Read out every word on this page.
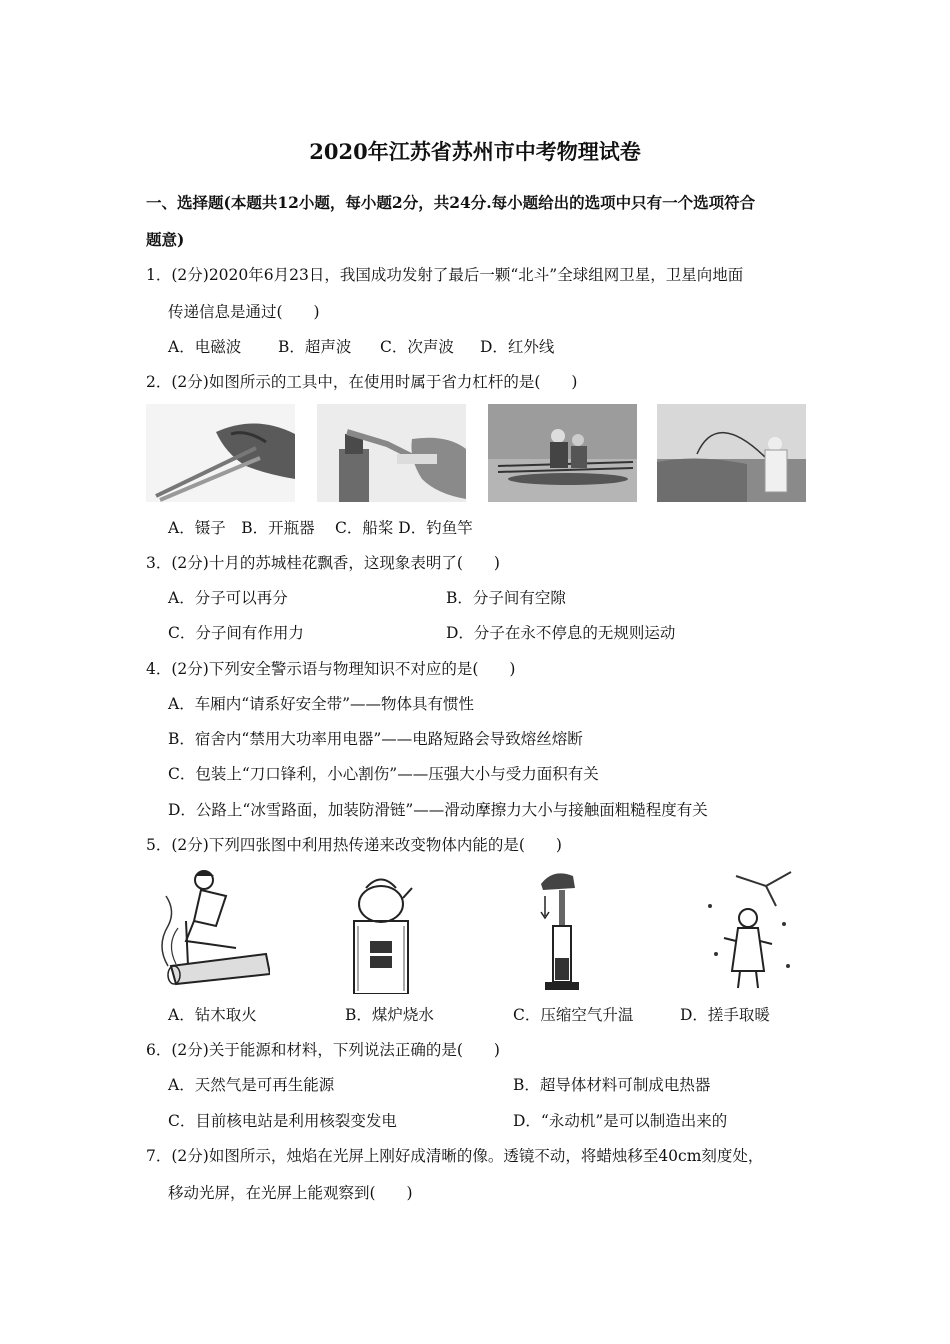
2020年江苏省苏州市中考物理试卷
一、选择题(本题共12小题，每小题2分，共24分.每小题给出的选项中只有一个选项符合
题意)
1．(2分)2020年6月23日，我国成功发射了最后一颗“北斗”全球组网卫星，卫星向地面
传递信息是通过(　　)
A．电磁波 B．超声波 C．次声波 D．红外线
2．(2分)如图所示的工具中，在使用时属于省力杠杆的是(　　)
A．镊子　B．开瓶器　 C．船桨 D．钓鱼竿
3．(2分)十月的苏城桂花飘香，这现象表明了(　　)
A．分子可以再分	B．分子间有空隙
C．分子间有作用力	D．分子在永不停息的无规则运动
4．(2分)下列安全警示语与物理知识不对应的是(　　)
A．车厢内“请系好安全带”——物体具有惯性
B．宿舍内“禁用大功率用电器”——电路短路会导致熔丝熔断
C．包装上“刀口锋利，小心割伤”——压强大小与受力面积有关
D．公路上“冰雪路面，加装防滑链”——滑动摩擦力大小与接触面粗糙程度有关
5．(2分)下列四张图中利用热传递来改变物体内能的是(　　)
A．钻木取火	B．煤炉烧水	C．压缩空气升温	D．搓手取暖
6．(2分)关于能源和材料，下列说法正确的是(　　)
A．天然气是可再生能源	B．超导体材料可制成电热器
C．目前核电站是利用核裂变发电	D．“永动机”是可以制造出来的
7．(2分)如图所示，烛焰在光屏上刚好成清晰的像。透镜不动，将蜡烛移至40cm刻度处，
移动光屏，在光屏上能观察到(　　)
